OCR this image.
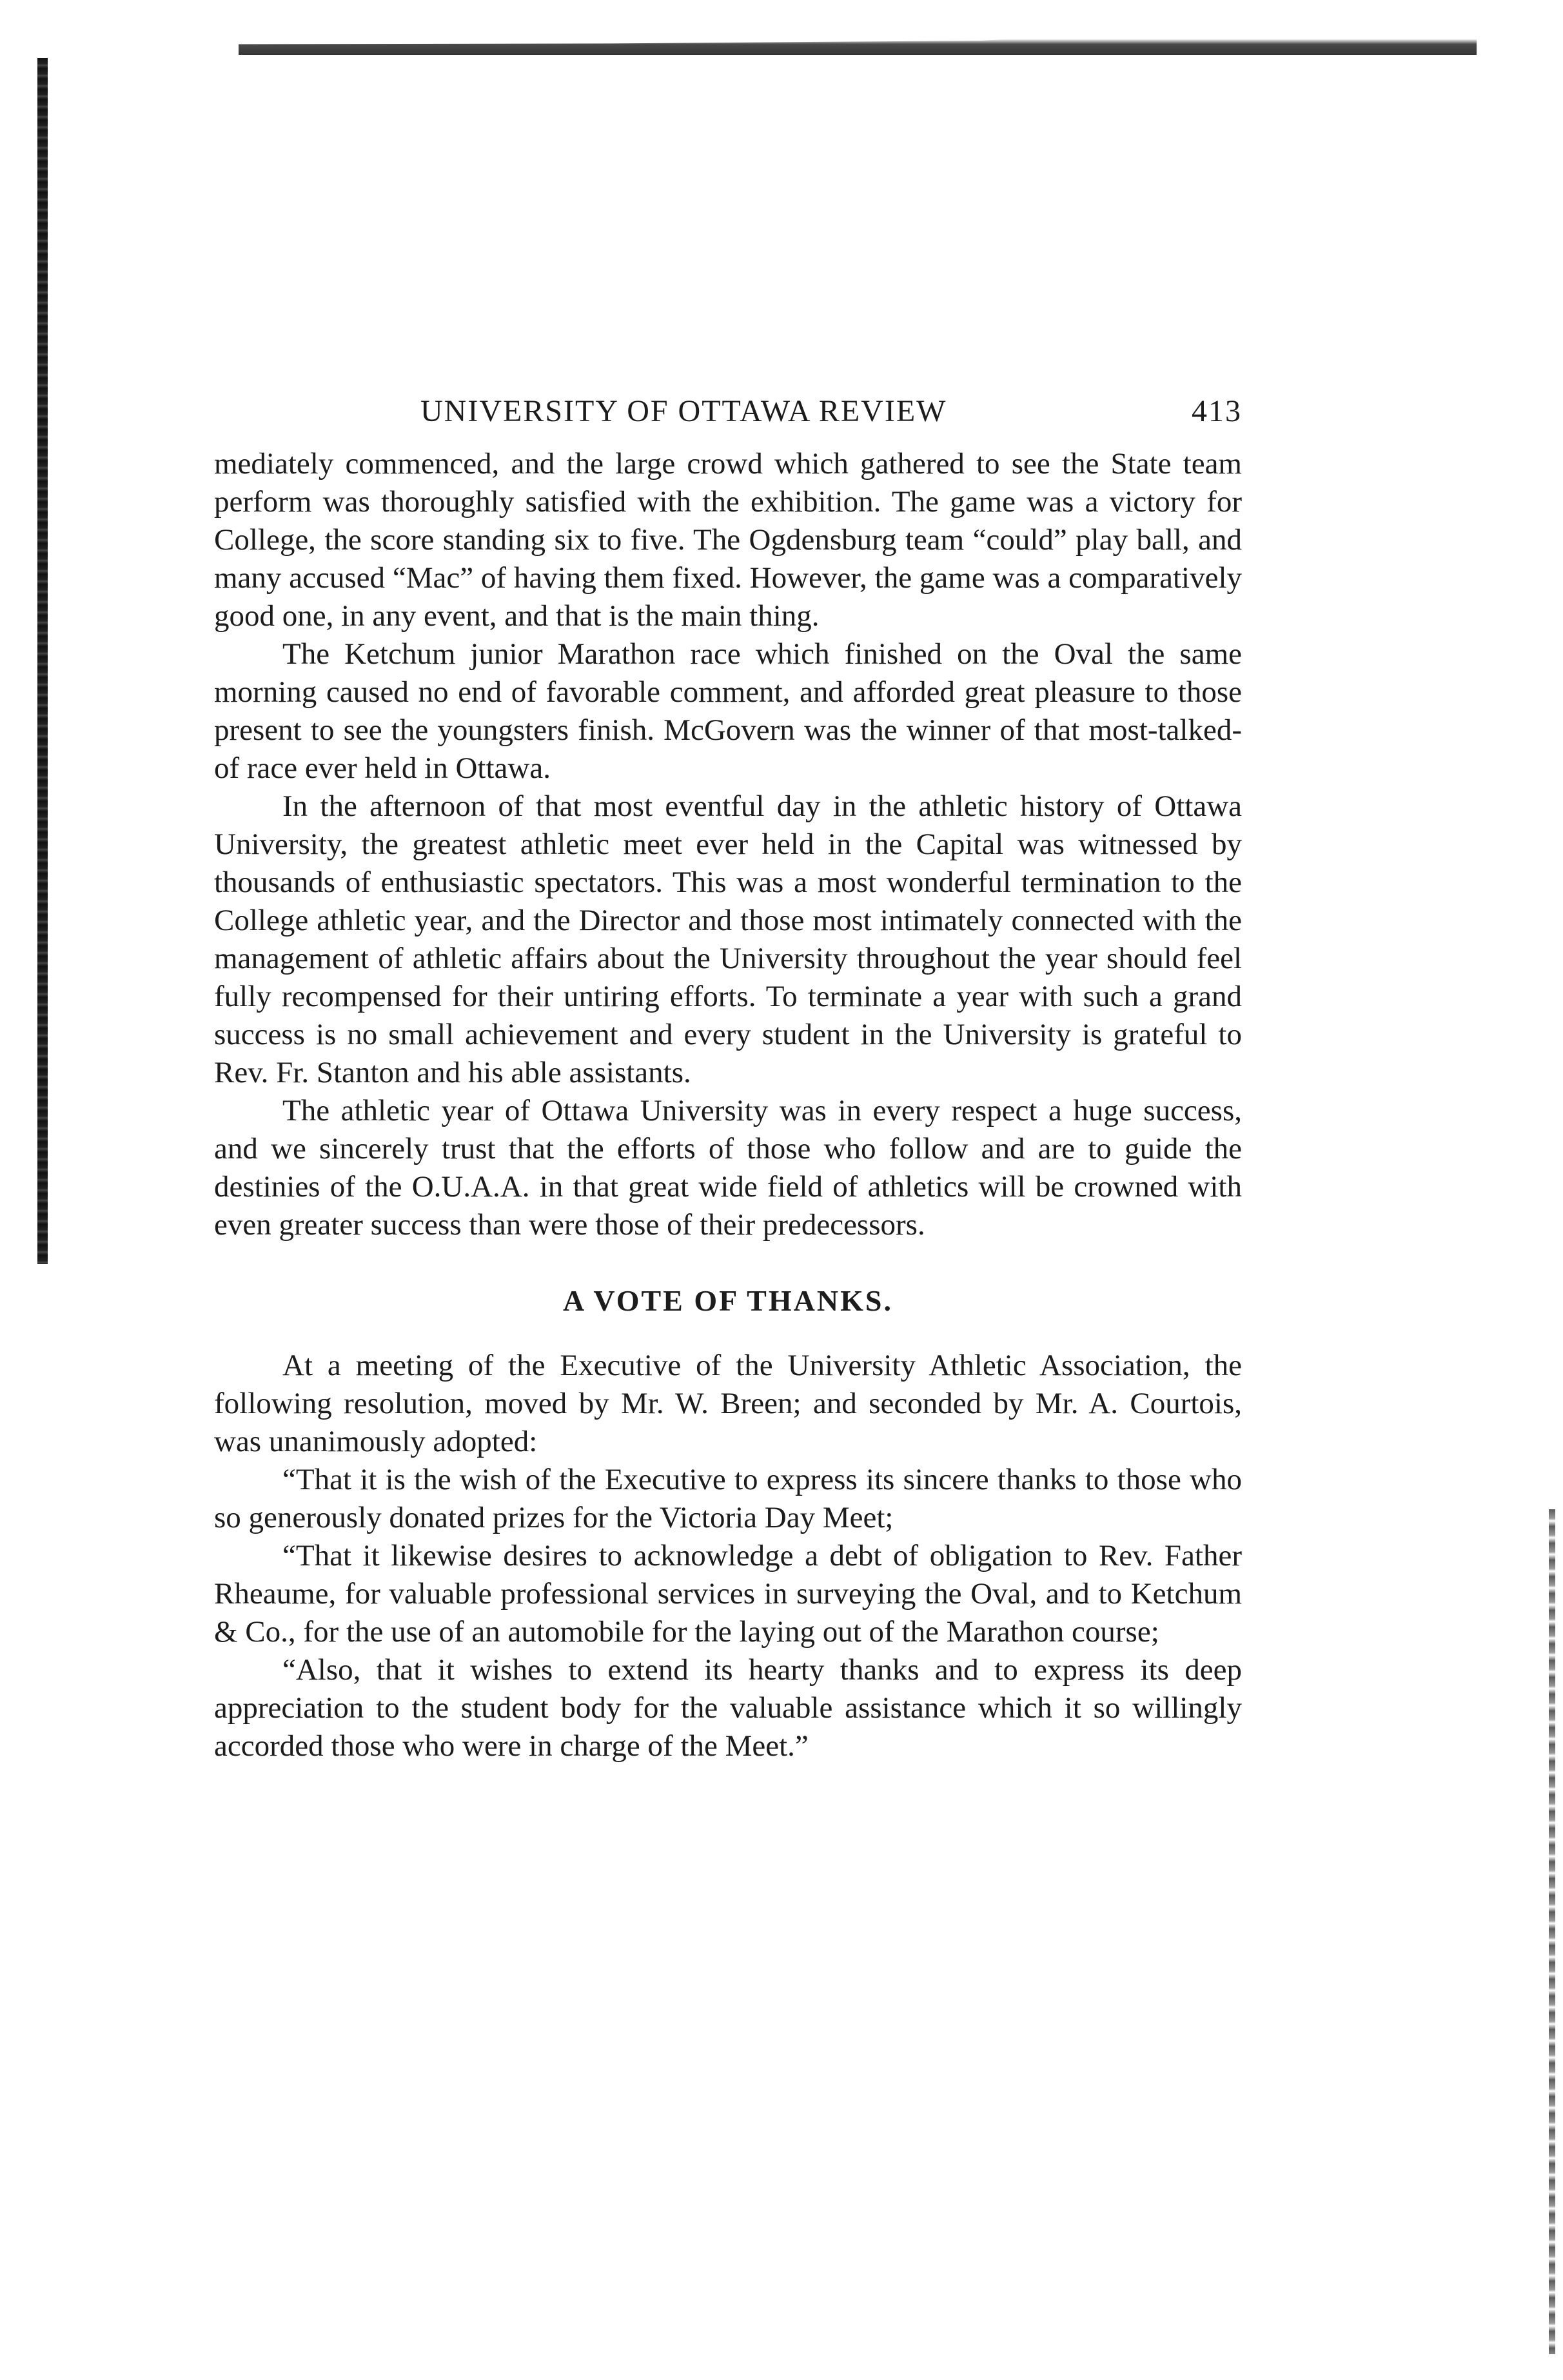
UNIVERSITY OF OTTAWA REVIEW	413

mediately commenced, and the large crowd which gathered to see the State team perform was thoroughly satisfied with the exhibition. The game was a victory for College, the score standing six to five. The Ogdensburg team “could” play ball, and many accused “Mac” of having them fixed. However, the game was a comparatively good one, in any event, and that is the main thing.

The Ketchum junior Marathon race which finished on the Oval the same morning caused no end of favorable comment, and afforded great pleasure to those present to see the youngsters finish. McGovern was the winner of that most-talked-of race ever held in Ottawa.

In the afternoon of that most eventful day in the athletic history of Ottawa University, the greatest athletic meet ever held in the Capital was witnessed by thousands of enthusiastic spectators. This was a most wonderful termination to the College athletic year, and the Director and those most intimately connected with the management of athletic affairs about the University throughout the year should feel fully recompensed for their untiring efforts. To terminate a year with such a grand success is no small achievement and every student in the University is grateful to Rev. Fr. Stanton and his able assistants.

The athletic year of Ottawa University was in every respect a huge success, and we sincerely trust that the efforts of those who follow and are to guide the destinies of the O.U.A.A. in that great wide field of athletics will be crowned with even greater success than were those of their predecessors.

A VOTE OF THANKS.

At a meeting of the Executive of the University Athletic Association, the following resolution, moved by Mr. W. Breen; and seconded by Mr. A. Courtois, was unanimously adopted:

“That it is the wish of the Executive to express its sincere thanks to those who so generously donated prizes for the Victoria Day Meet;

“That it likewise desires to acknowledge a debt of obligation to Rev. Father Rheaume, for valuable professional services in surveying the Oval, and to Ketchum & Co., for the use of an automobile for the laying out of the Marathon course;

“Also, that it wishes to extend its hearty thanks and to express its deep appreciation to the student body for the valuable assistance which it so willingly accorded those who were in charge of the Meet.”
